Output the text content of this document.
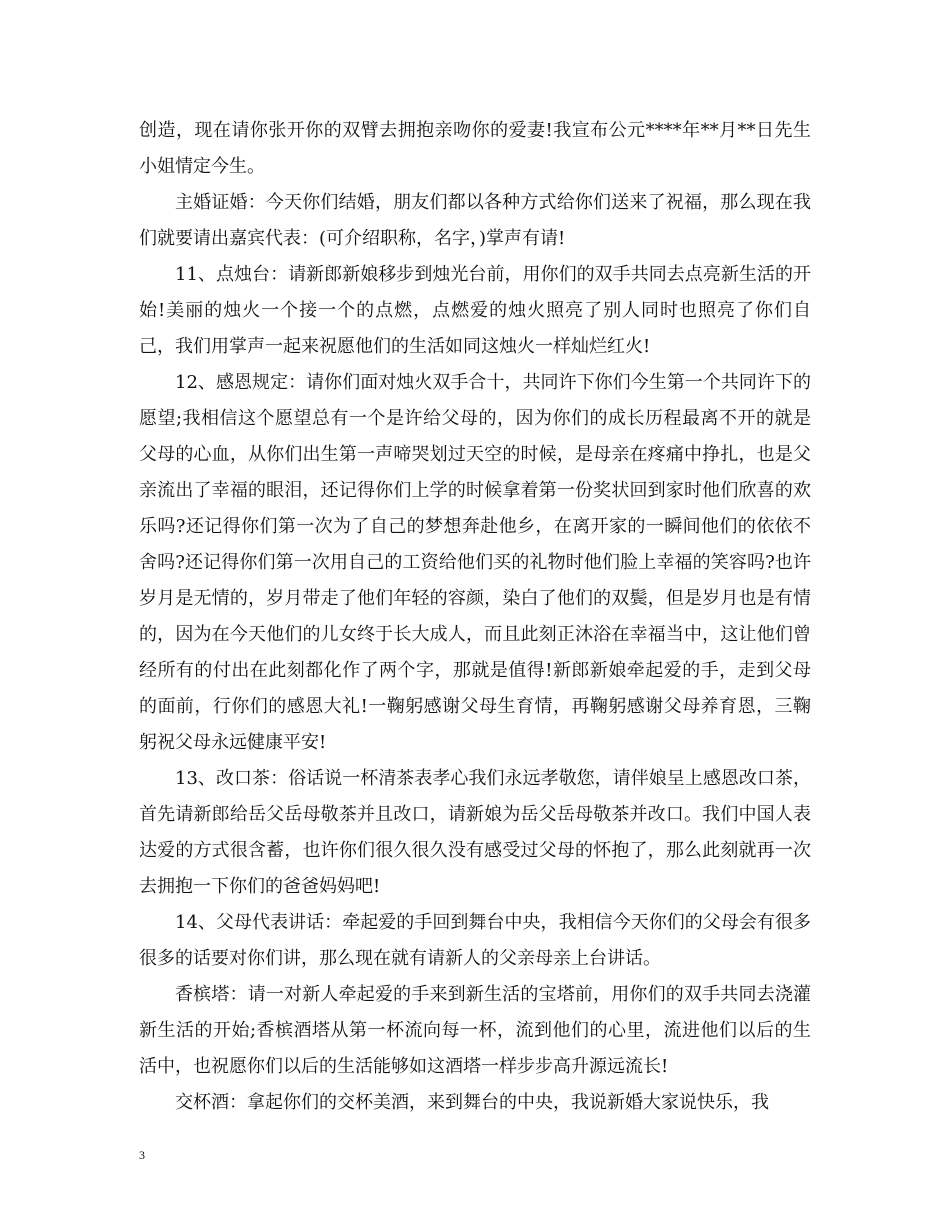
创造，现在请你张开你的双臂去拥抱亲吻你的爱妻!我宣布公元****年**月**日先生小姐情定今生。

主婚证婚：今天你们结婚，朋友们都以各种方式给你们送来了祝福，那么现在我们就要请出嘉宾代表：(可介绍职称，名字，)掌声有请!

11、点烛台：请新郎新娘移步到烛光台前，用你们的双手共同去点亮新生活的开始!美丽的烛火一个接一个的点燃，点燃爱的烛火照亮了别人同时也照亮了你们自己，我们用掌声一起来祝愿他们的生活如同这烛火一样灿烂红火!

12、感恩规定：请你们面对烛火双手合十，共同许下你们今生第一个共同许下的愿望;我相信这个愿望总有一个是许给父母的，因为你们的成长历程最离不开的就是父母的心血，从你们出生第一声啼哭划过天空的时候，是母亲在疼痛中挣扎，也是父亲流出了幸福的眼泪，还记得你们上学的时候拿着第一份奖状回到家时他们欣喜的欢乐吗?还记得你们第一次为了自己的梦想奔赴他乡，在离开家的一瞬间他们的依依不舍吗?还记得你们第一次用自己的工资给他们买的礼物时他们脸上幸福的笑容吗?也许岁月是无情的，岁月带走了他们年轻的容颜，染白了他们的双鬓，但是岁月也是有情的，因为在今天他们的儿女终于长大成人，而且此刻正沐浴在幸福当中，这让他们曾经所有的付出在此刻都化作了两个字，那就是值得!新郎新娘牵起爱的手，走到父母的面前，行你们的感恩大礼!一鞠躬感谢父母生育情，再鞠躬感谢父母养育恩，三鞠躬祝父母永远健康平安!

13、改口茶：俗话说一杯清茶表孝心我们永远孝敬您，请伴娘呈上感恩改口茶，首先请新郎给岳父岳母敬茶并且改口，请新娘为岳父岳母敬茶并改口。我们中国人表达爱的方式很含蓄，也许你们很久很久没有感受过父母的怀抱了，那么此刻就再一次去拥抱一下你们的爸爸妈妈吧!

14、父母代表讲话：牵起爱的手回到舞台中央，我相信今天你们的父母会有很多很多的话要对你们讲，那么现在就有请新人的父亲母亲上台讲话。

香槟塔：请一对新人牵起爱的手来到新生活的宝塔前，用你们的双手共同去浇灌新生活的开始;香槟酒塔从第一杯流向每一杯，流到他们的心里，流进他们以后的生活中，也祝愿你们以后的生活能够如这酒塔一样步步高升源远流长!

交杯酒：拿起你们的交杯美酒，来到舞台的中央，我说新婚大家说快乐，我

3
